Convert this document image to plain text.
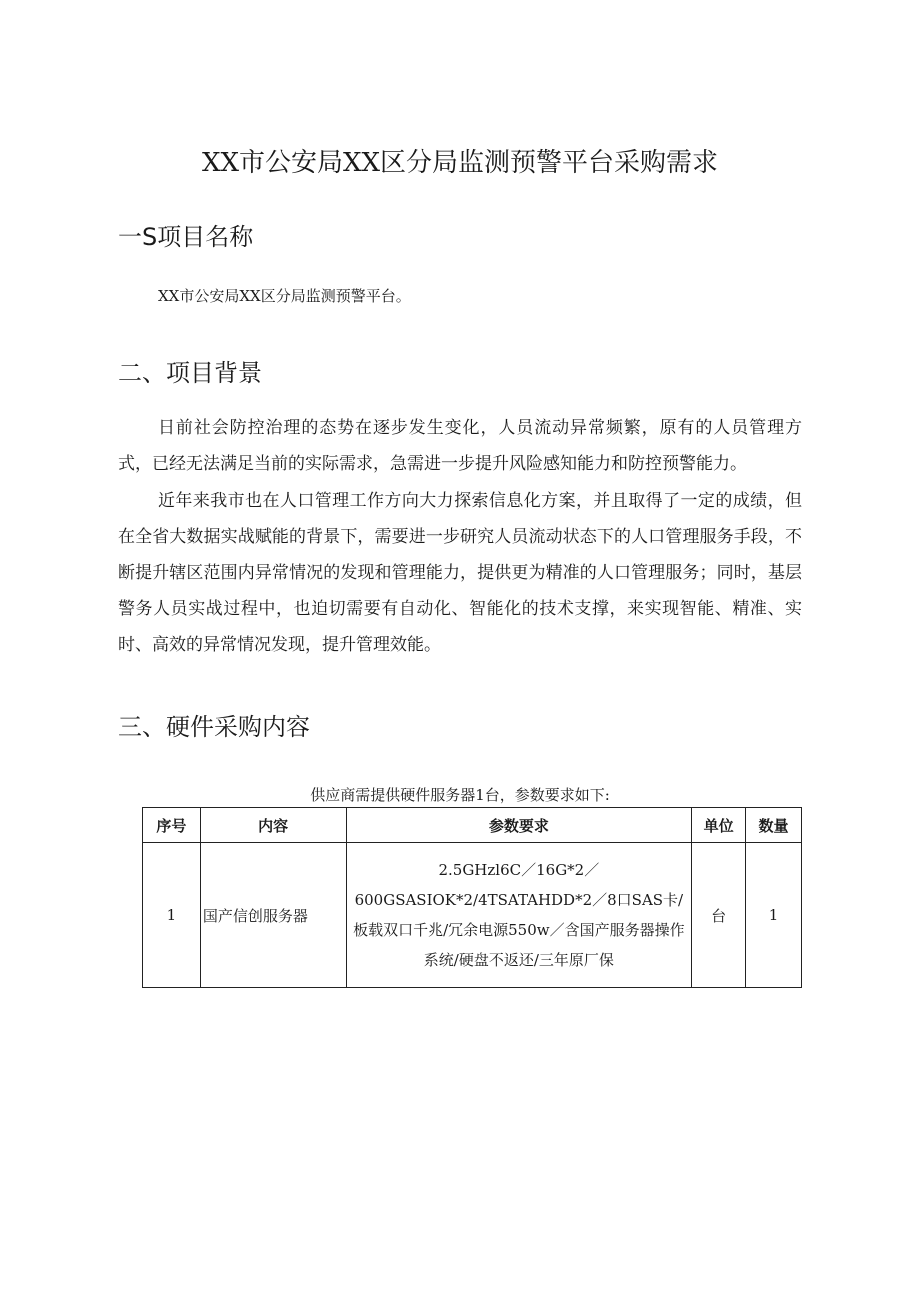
XX市公安局XX区分局监测预警平台采购需求
一S项目名称
XX市公安局XX区分局监测预警平台。
二、项目背景

日前社会防控治理的态势在逐步发生变化，人员流动异常频繁，原有的人员管理方式，已经无法满足当前的实际需求，急需进一步提升风险感知能力和防控预警能力。

近年来我市也在人口管理工作方向大力探索信息化方案，并且取得了一定的成绩，但在全省大数据实战赋能的背景下，需要进一步研究人员流动状态下的人口管理服务手段，不断提升辖区范围内异常情况的发现和管理能力，提供更为精准的人口管理服务；同时，基层警务人员实战过程中，也迫切需要有自动化、智能化的技术支撑，来实现智能、精准、实时、高效的异常情况发现，提升管理效能。

三、硬件采购内容
供应商需提供硬件服务器1台，参数要求如下:
序号	内容	参数要求	单位	数量
1	国产信创服务器	2.5GHzl6C／16G*2／600GSASIOK*2/4TSATAHDD*2／8口SAS卡/板载双口千兆/冗余电源550w／含国产服务器操作系统/硬盘不返还/三年原厂保	台	1
